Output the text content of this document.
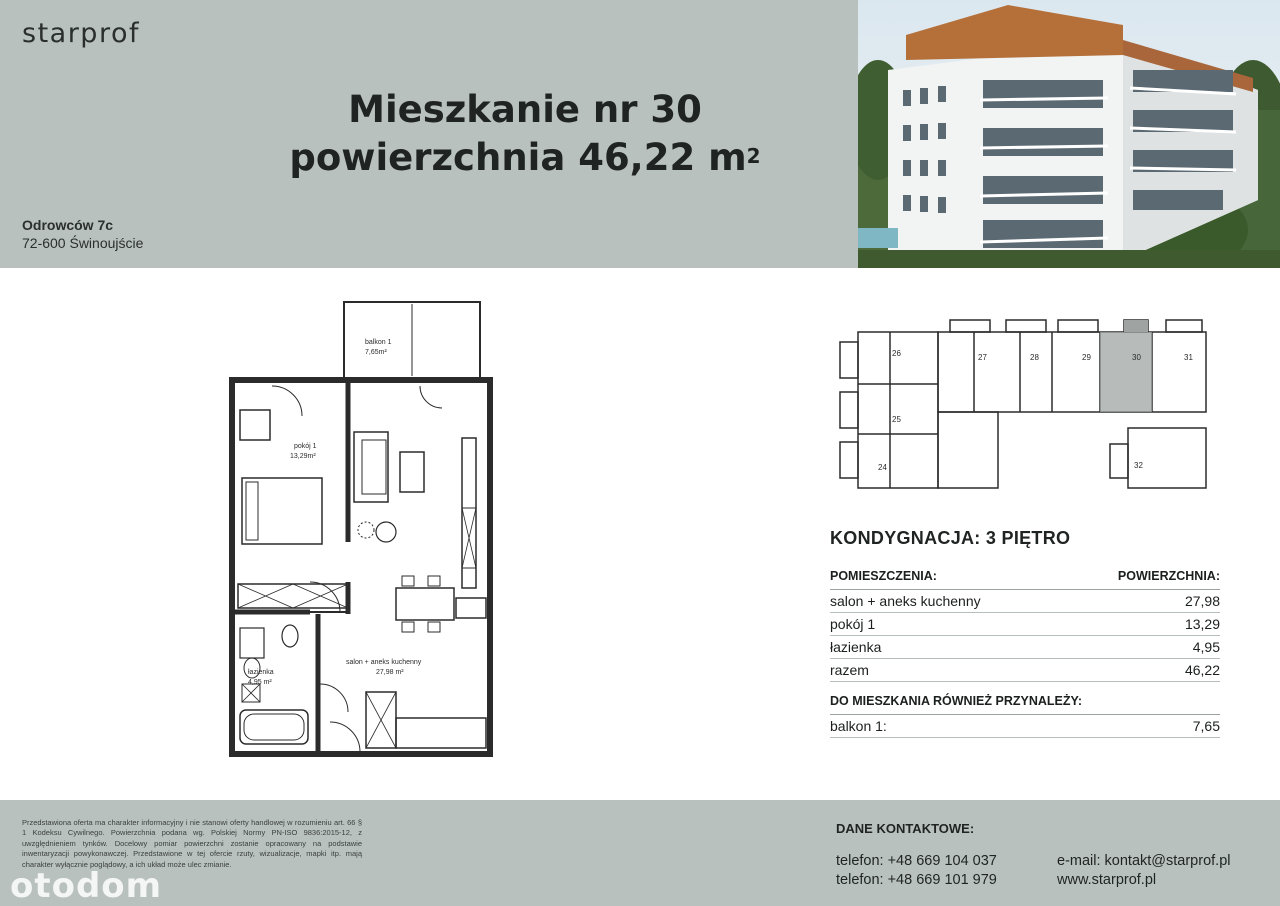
starprof
Odrowców 7c
72-600 Świnoujście
Mieszkanie nr 30
powierzchnia 46,22 $m^2$
balkon 1
7,65m²
pokój 1
13,29m²
łazienka
4,95 m²
salon + aneks kuchenny
27,98 m²
26	27	28	29	30	31
25
24	32
KONDYGNACJA: 3 PIĘTRO
POMIESZCZENIA:	POWIERZCHNIA:
salon + aneks kuchenny	27,98
pokój 1	13,29
łazienka	4,95
razem	46,22
DO MIESZKANIA RÓWNIEŻ PRZYNALEŻY:
balkon 1:	7,65
Przedstawiona oferta ma charakter informacyjny i nie stanowi oferty handlowej w rozumieniu art. 66 § 1 Kodeksu Cywilnego. Powierzchnia podana wg. Polskiej Normy PN-ISO 9836:2015-12, z uwzględnieniem tynków. Docelowy pomiar powierzchni zostanie opracowany na podstawie inwentaryzacji powykonawczej. Przedstawione w tej ofercie rzuty, wizualizacje, mapki itp. mają charakter wyłącznie poglądowy, a ich układ może ulec zmianie.
DANE KONTAKTOWE:
telefon: +48 669 104 037
telefon: +48 669 101 979
e-mail: kontakt@starprof.pl
www.starprof.pl
otodom
